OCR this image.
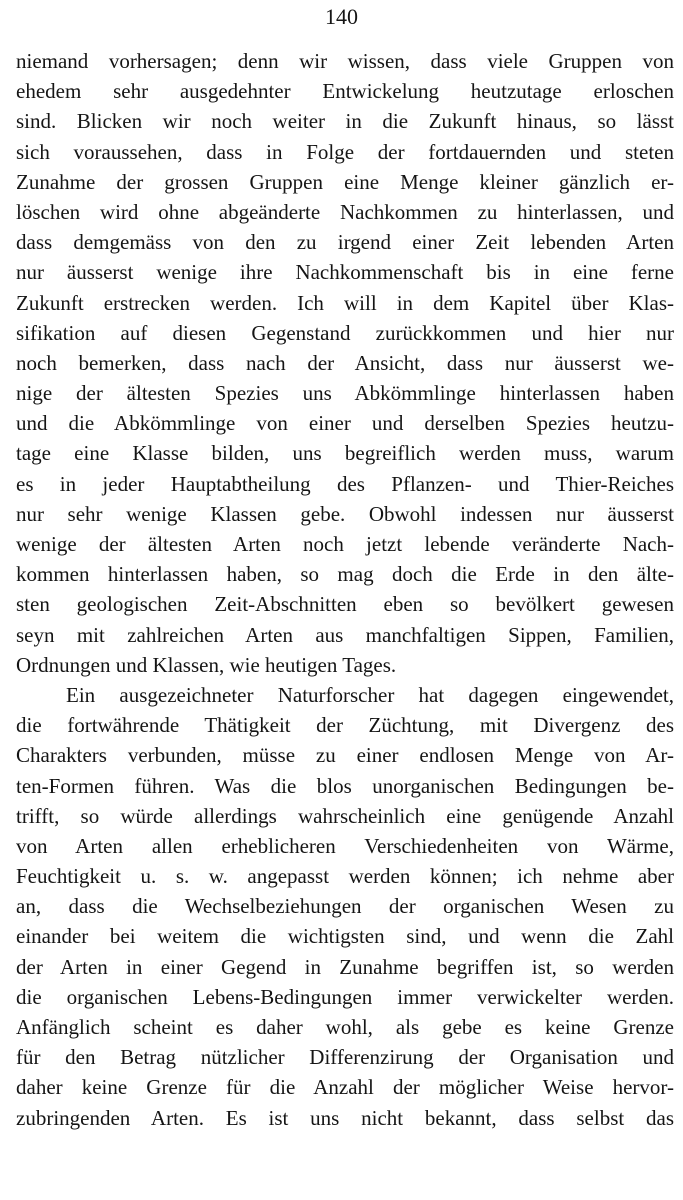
140
niemand vorhersagen; denn wir wissen, dass viele Gruppen von
ehedem sehr ausgedehnter Entwickelung heutzutage erloschen
sind. Blicken wir noch weiter in die Zukunft hinaus, so lässt
sich voraussehen, dass in Folge der fortdauernden und steten
Zunahme der grossen Gruppen eine Menge kleiner gänzlich er-
löschen wird ohne abgeänderte Nachkommen zu hinterlassen, und
dass demgemäss von den zu irgend einer Zeit lebenden Arten
nur äusserst wenige ihre Nachkommenschaft bis in eine ferne
Zukunft erstrecken werden. Ich will in dem Kapitel über Klas-
sifikation auf diesen Gegenstand zurückkommen und hier nur
noch bemerken, dass nach der Ansicht, dass nur äusserst we-
nige der ältesten Spezies uns Abkömmlinge hinterlassen haben
und die Abkömmlinge von einer und derselben Spezies heutzu-
tage eine Klasse bilden, uns begreiflich werden muss, warum
es in jeder Hauptabtheilung des Pflanzen- und Thier-Reiches
nur sehr wenige Klassen gebe. Obwohl indessen nur äusserst
wenige der ältesten Arten noch jetzt lebende veränderte Nach-
kommen hinterlassen haben, so mag doch die Erde in den älte-
sten geologischen Zeit-Abschnitten eben so bevölkert gewesen
seyn mit zahlreichen Arten aus manchfaltigen Sippen, Familien,
Ordnungen und Klassen, wie heutigen Tages.
Ein ausgezeichneter Naturforscher hat dagegen eingewendet,
die fortwährende Thätigkeit der Züchtung, mit Divergenz des
Charakters verbunden, müsse zu einer endlosen Menge von Ar-
ten-Formen führen. Was die blos unorganischen Bedingungen be-
trifft, so würde allerdings wahrscheinlich eine genügende Anzahl
von Arten allen erheblicheren Verschiedenheiten von Wärme,
Feuchtigkeit u. s. w. angepasst werden können; ich nehme aber
an, dass die Wechselbeziehungen der organischen Wesen zu
einander bei weitem die wichtigsten sind, und wenn die Zahl
der Arten in einer Gegend in Zunahme begriffen ist, so werden
die organischen Lebens-Bedingungen immer verwickelter werden.
Anfänglich scheint es daher wohl, als gebe es keine Grenze
für den Betrag nützlicher Differenzirung der Organisation und
daher keine Grenze für die Anzahl der möglicher Weise hervor-
zubringenden Arten. Es ist uns nicht bekannt, dass selbst das
